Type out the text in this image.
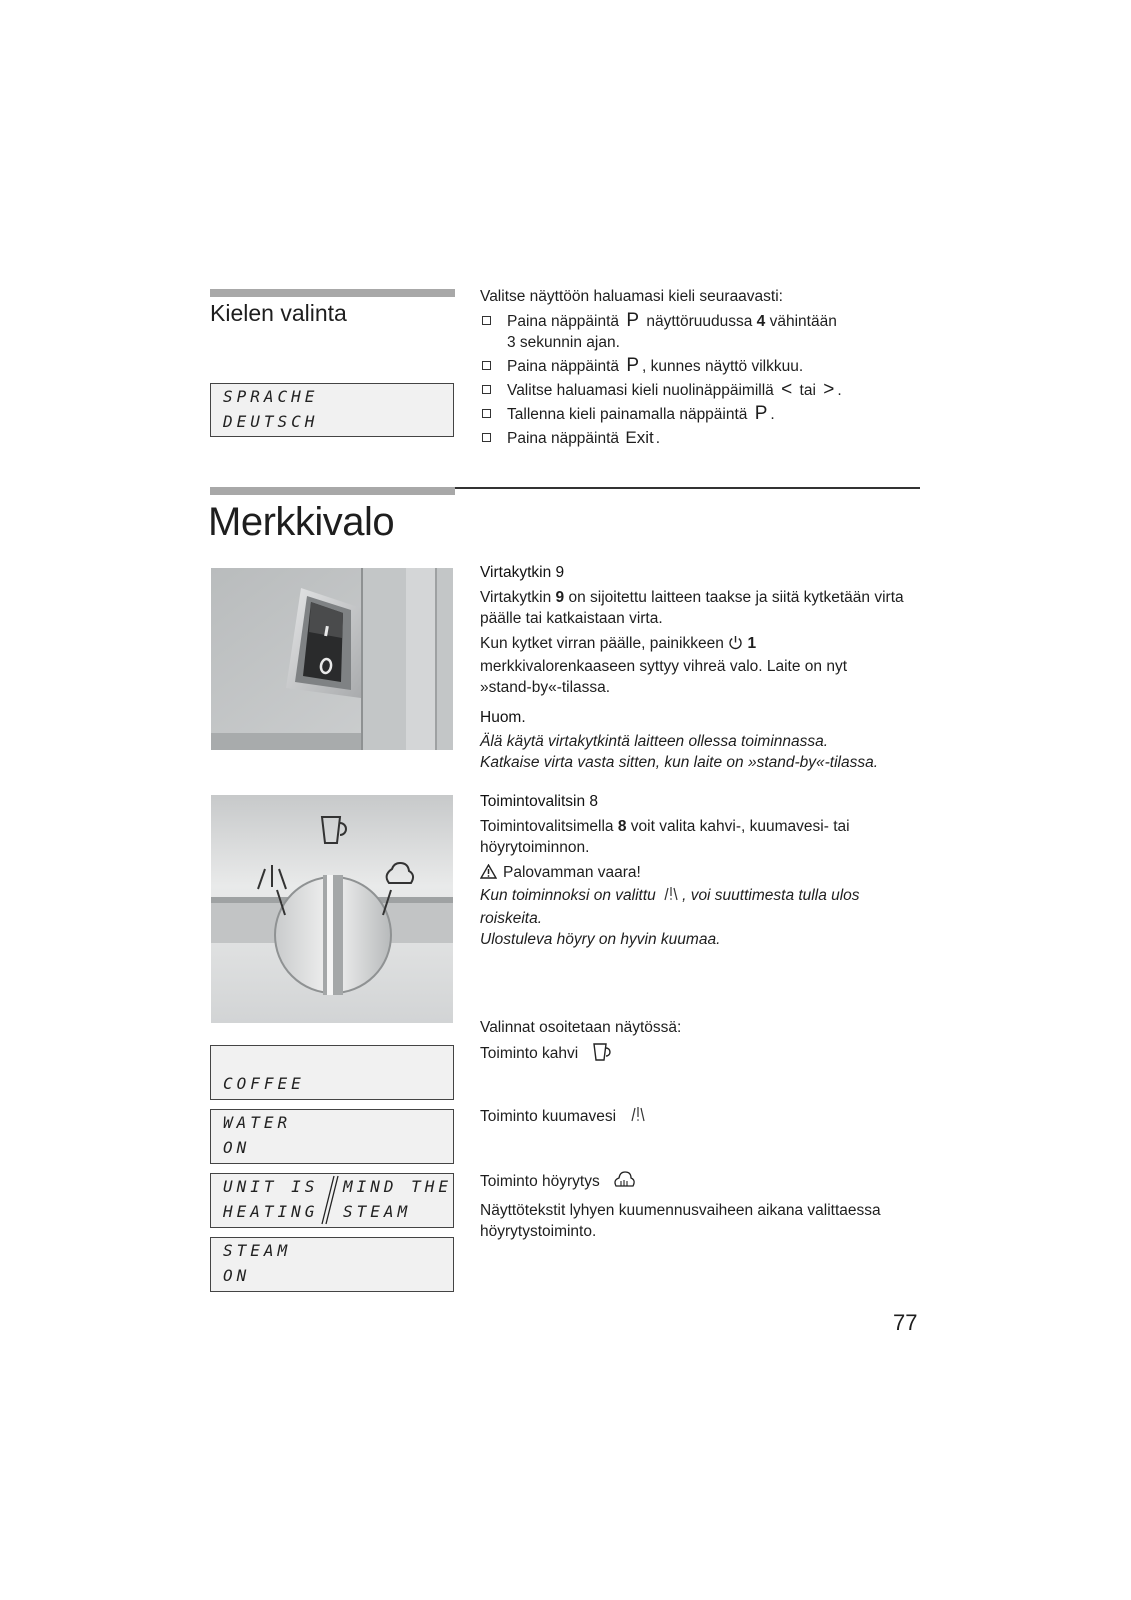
Kielen valinta
SPRACHE
DEUTSCH
Valitse näyttöön haluamasi kieli seuraavasti:
Paina näppäintä P näyttöruudussa 4 vähintään
3 sekunnin ajan.
Paina näppäintä P , kunnes näyttö vilkkuu.
Valitse haluamasi kieli nuolinäppäimillä < tai > .
Tallenna kieli painamalla näppäintä P .
Paina näppäintä Exit .
Merkkivalo
Virtakytkin 9
Virtakytkin 9 on sijoitettu laitteen taakse ja siitä kytketään virta
päälle tai katkaistaan virta.
Kun kytket virran päälle, painikkeen 1
merkkivalorenkaaseen syttyy vihreä valo. Laite on nyt
»stand-by«-tilassa.
Huom.
Älä käytä virtakytkintä laitteen ollessa toiminnassa.
Katkaise virta vasta sitten, kun laite on »stand-by«-tilassa.
Toimintovalitsin 8
Toimintovalitsimella 8 voit valita kahvi-, kuumavesi- tai
höyrytoiminnon.
Palovamman vaara!
Kun toiminnoksi on valittu , voi suuttimesta tulla ulos
roiskeita.
Ulostuleva höyry on hyvin kuumaa.
Valinnat osoitetaan näytössä:
COFFEE
Toiminto kahvi
WATER
ON
Toiminto kuumavesi
UNIT IS
HEATING
MIND THE
STEAM
Toiminto höyrytys
Näyttötekstit lyhyen kuumennusvaiheen aikana valittaessa
höyrytystoiminto.
STEAM
ON
77
